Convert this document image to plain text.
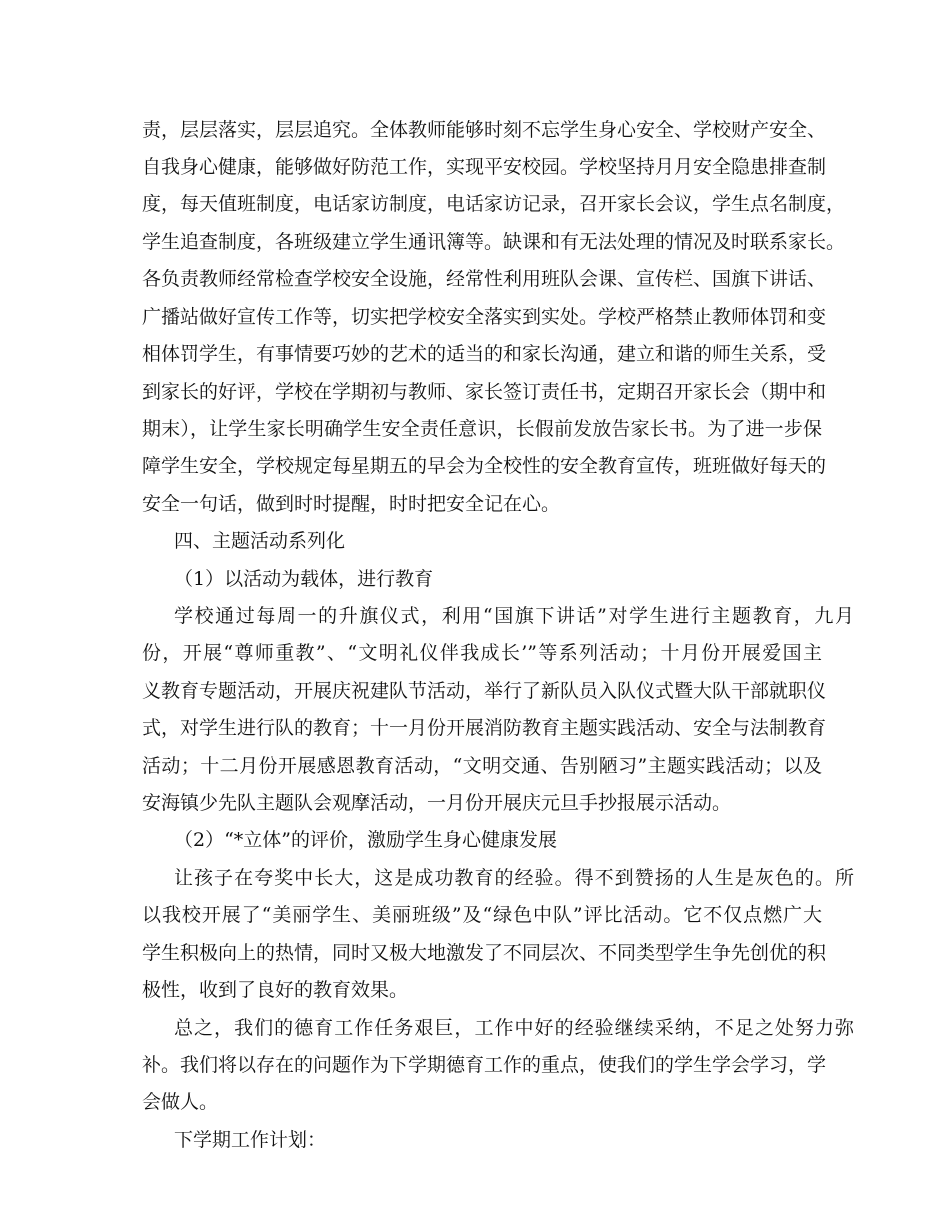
责，层层落实，层层追究。全体教师能够时刻不忘学生身心安全、学校财产安全、
自我身心健康，能够做好防范工作，实现平安校园。学校坚持月月安全隐患排查制
度，每天值班制度，电话家访制度，电话家访记录，召开家长会议，学生点名制度，
学生追查制度，各班级建立学生通讯簿等。缺课和有无法处理的情况及时联系家长。
各负责教师经常检查学校安全设施，经常性利用班队会课、宣传栏、国旗下讲话、
广播站做好宣传工作等，切实把学校安全落实到实处。学校严格禁止教师体罚和变
相体罚学生，有事情要巧妙的艺术的适当的和家长沟通，建立和谐的师生关系，受
到家长的好评，学校在学期初与教师、家长签订责任书，定期召开家长会（期中和
期末），让学生家长明确学生安全责任意识，长假前发放告家长书。为了进一步保
障学生安全，学校规定每星期五的早会为全校性的安全教育宣传，班班做好每天的
安全一句话，做到时时提醒，时时把安全记在心。
四、主题活动系列化
（1）以活动为载体，进行教育
学校通过每周一的升旗仪式，利用“国旗下讲话”对学生进行主题教育，九月
份，开展“尊师重教”、“文明礼仪伴我成长’”等系列活动；十月份开展爱国主
义教育专题活动，开展庆祝建队节活动，举行了新队员入队仪式暨大队干部就职仪
式，对学生进行队的教育；十一月份开展消防教育主题实践活动、安全与法制教育
活动；十二月份开展感恩教育活动，“文明交通、告别陋习”主题实践活动；以及
安海镇少先队主题队会观摩活动，一月份开展庆元旦手抄报展示活动。
（2）“*立体”的评价，激励学生身心健康发展
让孩子在夸奖中长大，这是成功教育的经验。得不到赞扬的人生是灰色的。所
以我校开展了“美丽学生、美丽班级”及“绿色中队”评比活动。它不仅点燃广大
学生积极向上的热情，同时又极大地激发了不同层次、不同类型学生争先创优的积
极性，收到了良好的教育效果。
总之，我们的德育工作任务艰巨，工作中好的经验继续采纳，不足之处努力弥
补。我们将以存在的问题作为下学期德育工作的重点，使我们的学生学会学习，学
会做人。
下学期工作计划：
